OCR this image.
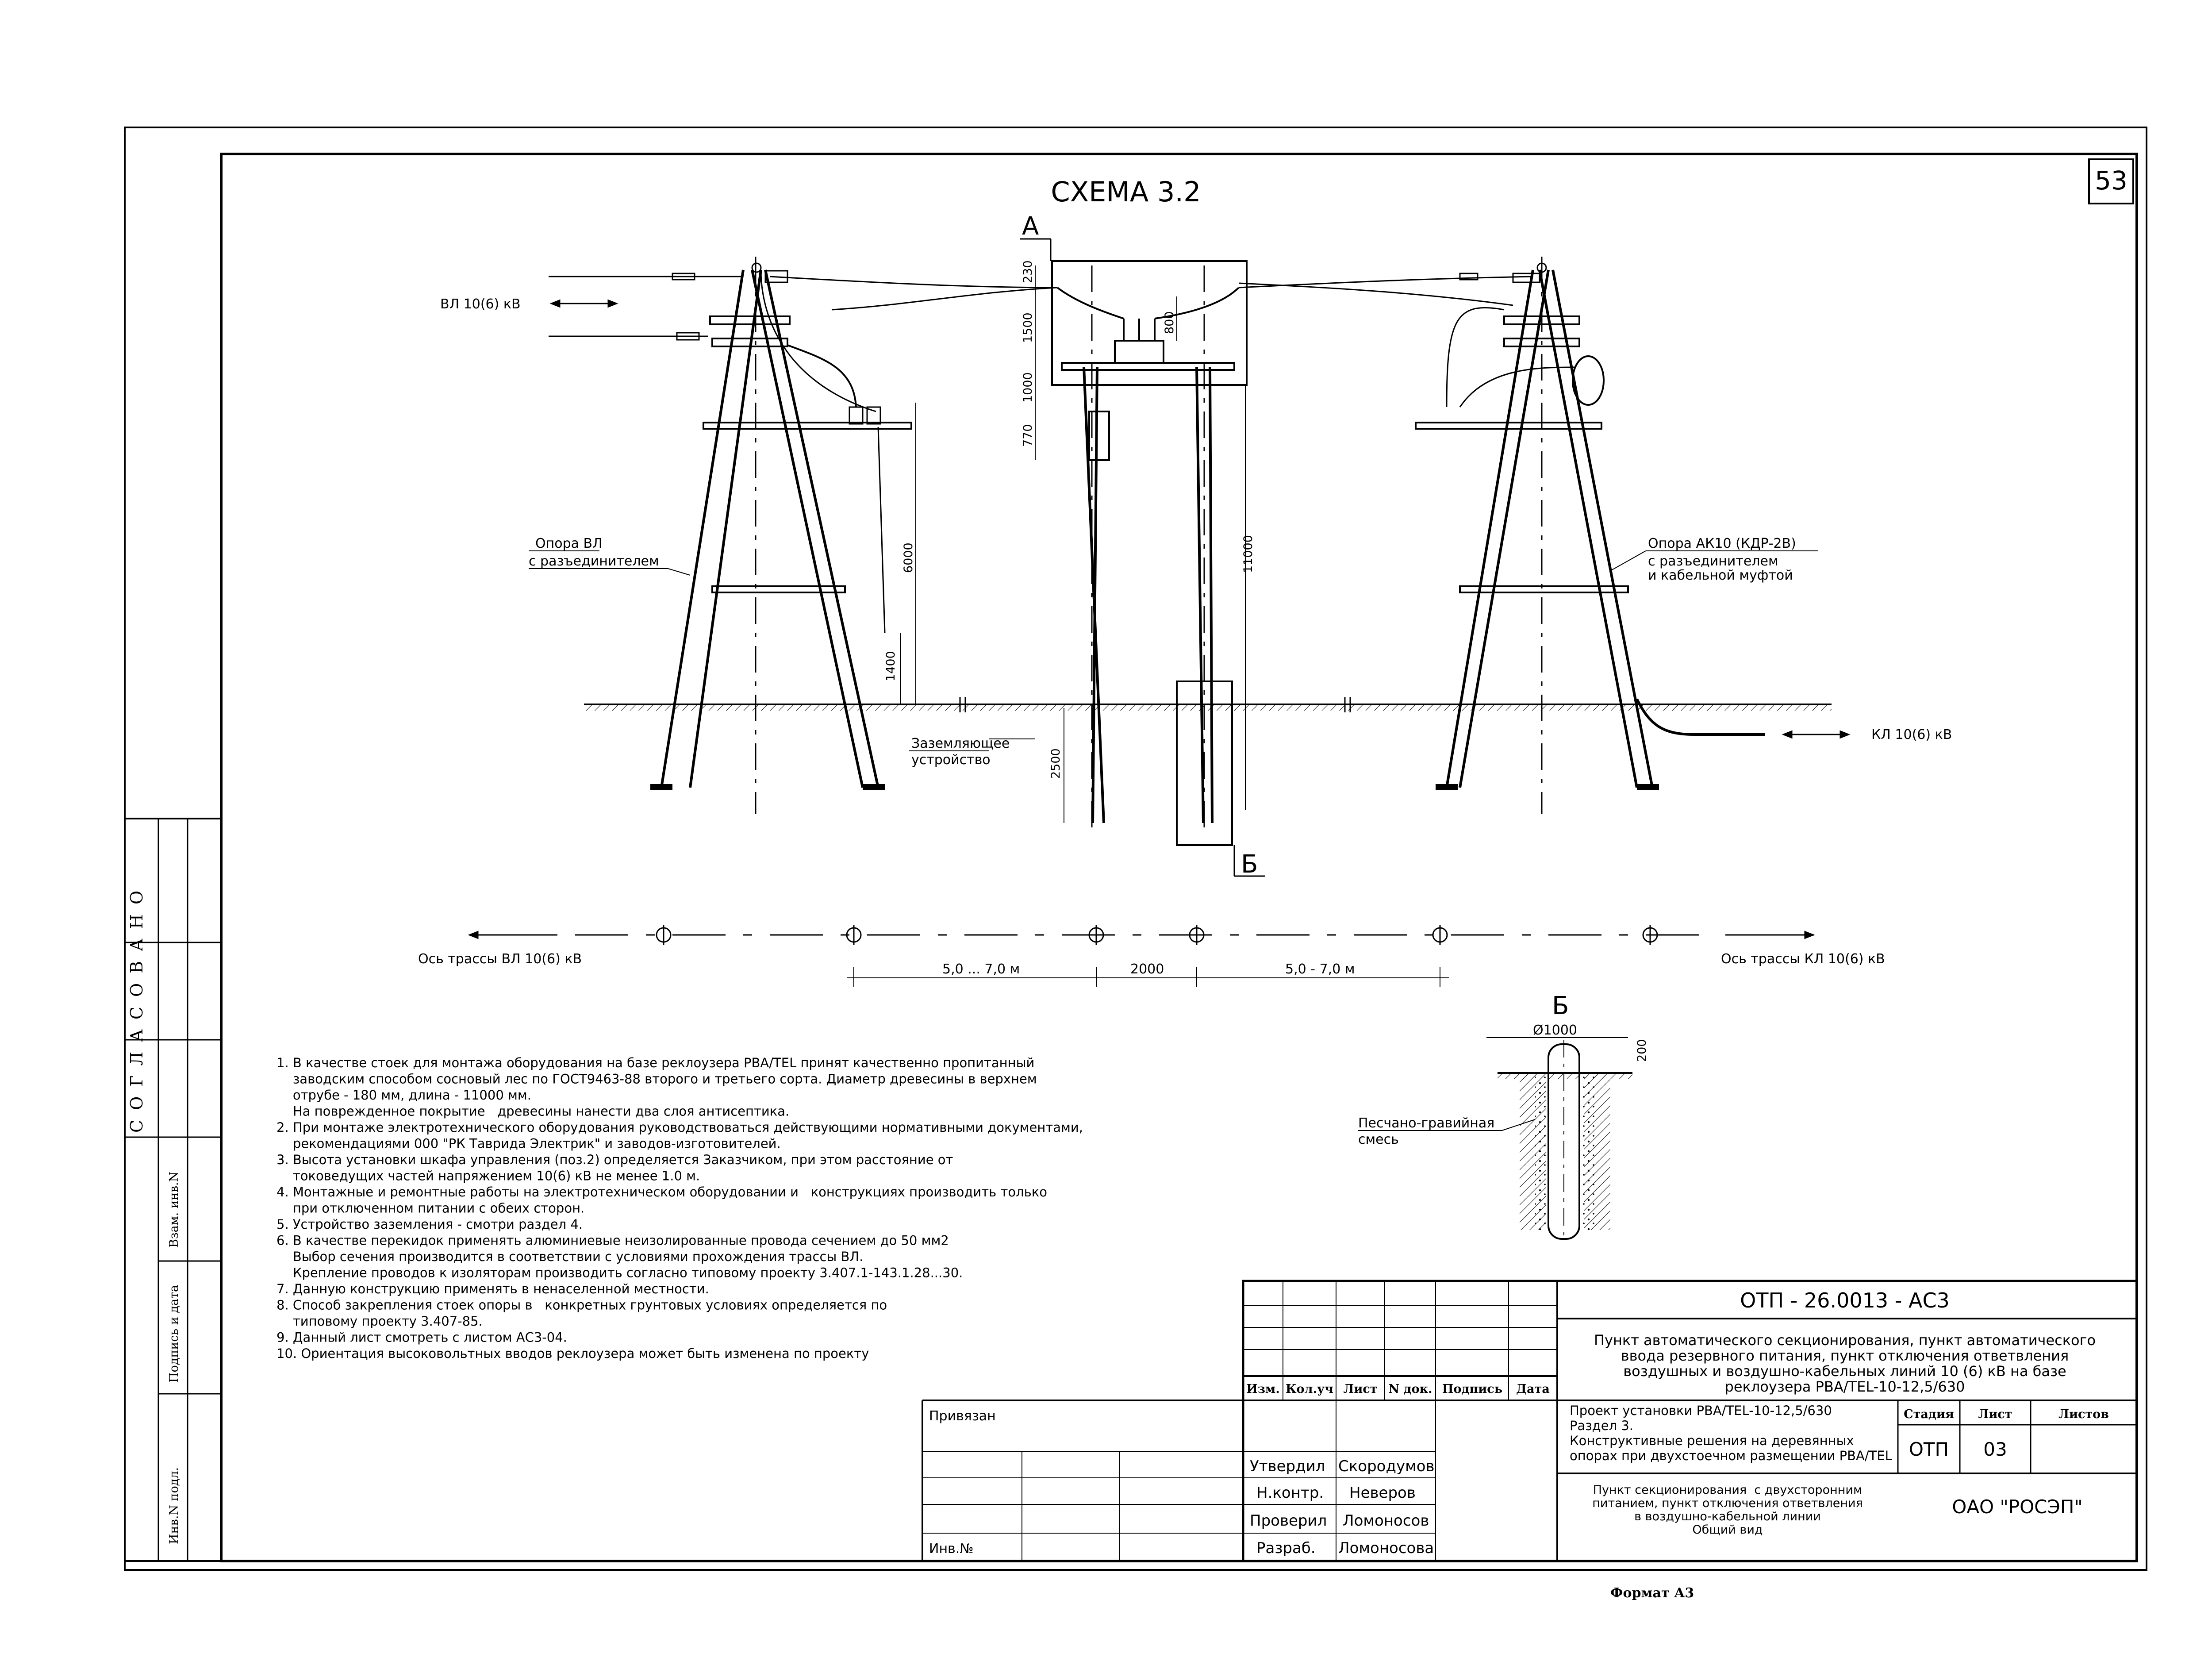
53
СОГЛАСОВАНО
Взам. инв.N
Подпись и дата
Инв.N подл.
СХЕМА 3.2
ВЛ 10(6) кВ
КЛ 10(6) кВ
Опора ВЛ
с разъединителем
Опора АК10 (КДР-2В)
с разъединителем
и кабельной муфтой
Заземляющее
устройство
230
1500
1000
770
800
6000
1400
11000
2500
А
Б
Ось трассы ВЛ 10(6) кВ	Ось трассы КЛ 10(6) кВ
5,0 ... 7,0 м	2000	5,0 - 7,0 м
Б
Ø1000
200
Песчано-гравийная
смесь
1. В качестве стоек для монтажа оборудования на базе реклоузера PBA/TEL принят качественно пропитанный
заводским способом сосновый лес по ГОСТ9463-88 второго и третьего сорта. Диаметр древесины в верхнем
отрубе - 180 мм, длина - 11000 мм.
На поврежденное покрытие   древесины нанести два слоя антисептика.
2. При монтаже электротехнического оборудования руководствоваться действующими нормативными документами,
рекомендациями 000 "РК Таврида Электрик" и заводов-изготовителей.
3. Высота установки шкафа управления (поз.2) определяется Заказчиком, при этом расстояние от
токоведущих частей напряжением 10(6) кВ не менее 1.0 м.
4. Монтажные и ремонтные работы на электротехническом оборудовании и   конструкциях производить только
при отключенном питании с обеих сторон.
5. Устройство заземления - смотри раздел 4.
6. В качестве перекидок применять алюминиевые неизолированные провода сечением до 50 мм2
Выбор сечения производится в соответствии с условиями прохождения трассы ВЛ.
Крепление проводов к изоляторам производить согласно типовому проекту 3.407.1-143.1.28...30.
7. Данную конструкцию применять в ненаселенной местности.
8. Способ закрепления стоек опоры в   конкретных грунтовых условиях определяется по
типовому проекту 3.407-85.
9. Данный лист смотреть с листом АС3-04.
10. Ориентация высоковольтных вводов реклоузера может быть изменена по проекту
ОТП - 26.0013 - АС3
Пункт автоматического секционирования, пункт автоматического
ввода резервного питания, пункт отключения ответвления
воздушных и воздушно-кабельных линий 10 (6) кВ на базе
реклоузера PBA/TEL-10-12,5/630
Проект установки PBA/TEL-10-12,5/630
Раздел 3.
Конструктивные решения на деревянных
опорах при двухстоечном размещении PBA/TEL
Пункт секционирования  с двухсторонним
питанием, пункт отключения ответвления
в воздушно-кабельной линии
Общий вид
Изм. Кол.уч Лист N док. Подпись Дата
Стадия Лист	Листов
ОТП 03
ОАО "РОСЭП"
Привязан
Инв.№
Утвердил Скородумов
Н.контр. Неверов
Проверил Ломоносов
Разраб. Ломоносова
Формат А3
